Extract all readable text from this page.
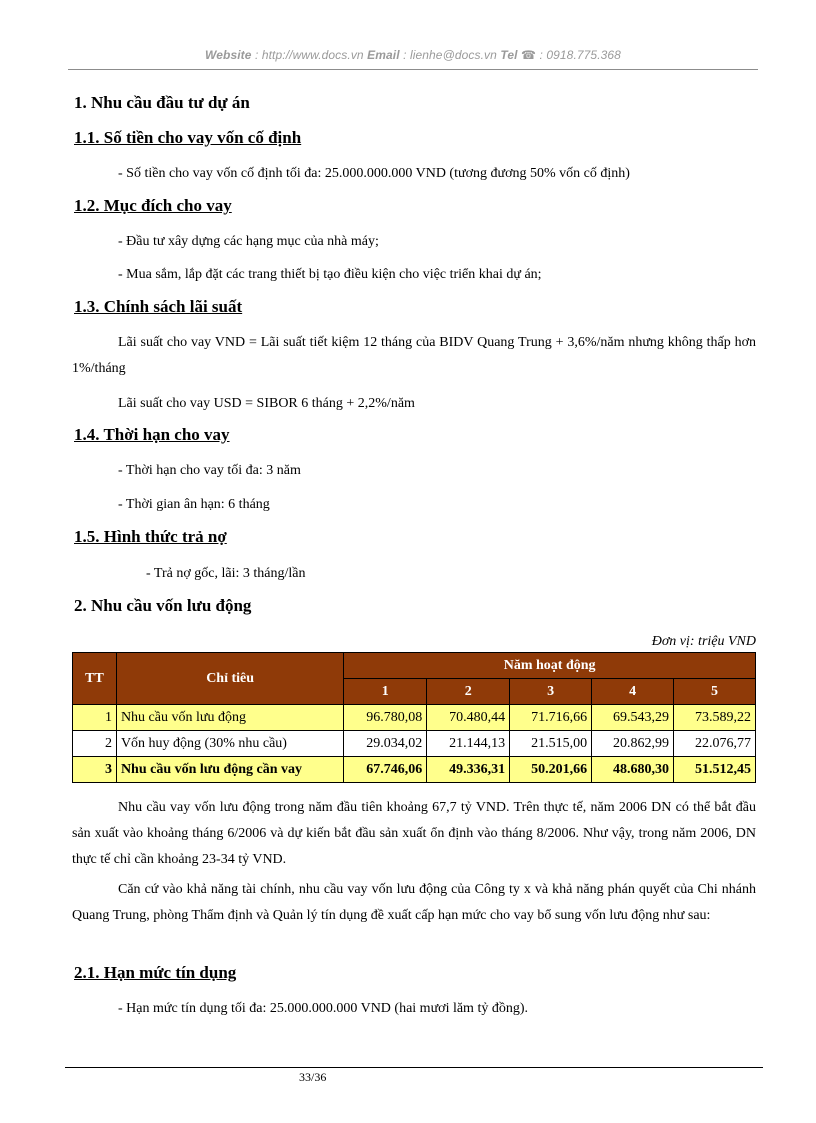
Website : http://www.docs.vn Email : lienhe@docs.vn Tel ☎ : 0918.775.368
1. Nhu cầu đầu tư dự án
1.1. Số tiền cho vay vốn cố định
- Số tiền cho vay vốn cố định tối đa: 25.000.000.000 VND (tương đương 50% vốn cố định)
1.2. Mục đích cho vay
- Đầu tư xây dựng các hạng mục của nhà máy;
- Mua sắm, lắp đặt các trang thiết bị tạo điều kiện cho việc triển khai dự án;
1.3. Chính sách lãi suất
Lãi suất cho vay VND = Lãi suất tiết kiệm 12 tháng của BIDV Quang Trung + 3,6%/năm nhưng không thấp hơn 1%/tháng
Lãi suất cho vay USD = SIBOR 6 tháng + 2,2%/năm
1.4. Thời hạn cho vay
- Thời hạn cho vay tối đa: 3 năm
- Thời gian ân hạn: 6 tháng
1.5. Hình thức trả nợ
- Trả nợ gốc, lãi: 3 tháng/lần
2. Nhu cầu vốn lưu động
Đơn vị: triệu VND
TT	Chỉ tiêu	Năm hoạt động				
		1	2	3	4	5
1	Nhu cầu vốn lưu động	96.780,08	70.480,44	71.716,66	69.543,29	73.589,22
2	Vốn huy động (30% nhu cầu)	29.034,02	21.144,13	21.515,00	20.862,99	22.076,77
3	Nhu cầu vốn lưu động cần vay	67.746,06	49.336,31	50.201,66	48.680,30	51.512,45
Nhu cầu vay vốn lưu động trong năm đầu tiên khoảng 67,7 tỷ VND. Trên thực tế, năm 2006 DN có thể bắt đầu sản xuất vào khoảng tháng 6/2006 và dự kiến bắt đầu sản xuất ổn định vào tháng 8/2006. Như vậy, trong năm 2006, DN thực tế chỉ cần khoảng 23-34 tỷ VND.
Căn cứ vào khả năng tài chính, nhu cầu vay vốn lưu động của Công ty x và khả năng phán quyết của Chi nhánh Quang Trung, phòng Thẩm định và Quản lý tín dụng đề xuất cấp hạn mức cho vay bổ sung vốn lưu động như sau:
2.1. Hạn mức tín dụng
- Hạn mức tín dụng tối đa: 25.000.000.000 VND (hai mươi lăm tỷ đồng).
33/36
